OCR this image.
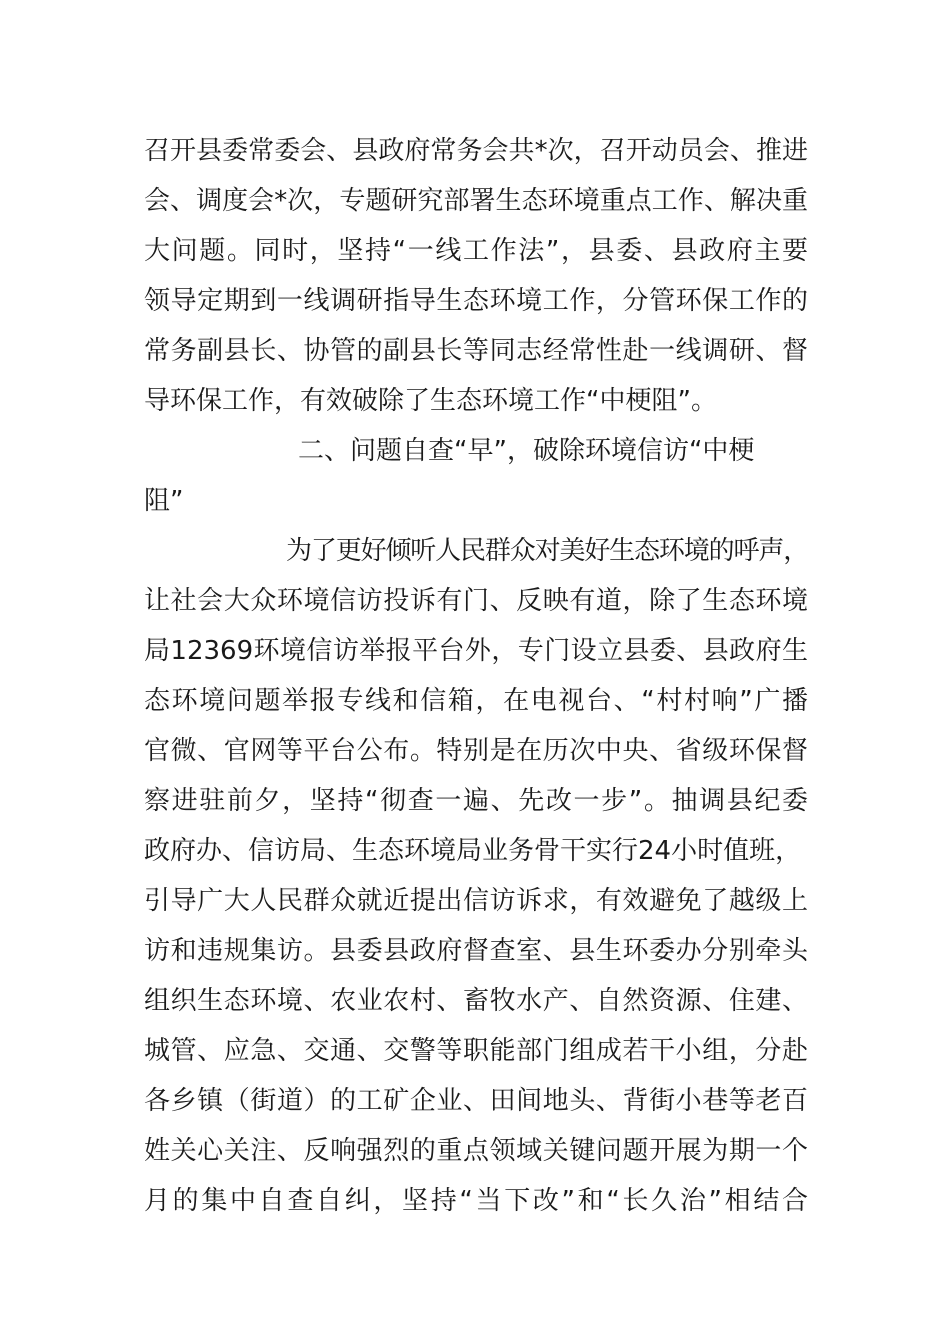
召开县委常委会、县政府常务会共*次，召开动员会、推进
会、调度会*次，专题研究部署生态环境重点工作、解决重
大问题。同时，坚持“一线工作法”，县委、县政府主要
领导定期到一线调研指导生态环境工作，分管环保工作的
常务副县长、协管的副县长等同志经常性赴一线调研、督
导环保工作，有效破除了生态环境工作“中梗阻”。
二、问题自查“早”，破除环境信访“中梗
阻”
为了更好倾听人民群众对美好生态环境的呼声，
让社会大众环境信访投诉有门、反映有道，除了生态环境
局12369环境信访举报平台外，专门设立县委、县政府生
态环境问题举报专线和信箱，在电视台、“村村响”广播
官微、官网等平台公布。特别是在历次中央、省级环保督
察进驻前夕，坚持“彻查一遍、先改一步”。抽调县纪委
政府办、信访局、生态环境局业务骨干实行24小时值班，
引导广大人民群众就近提出信访诉求，有效避免了越级上
访和违规集访。县委县政府督查室、县生环委办分别牵头
组织生态环境、农业农村、畜牧水产、自然资源、住建、
城管、应急、交通、交警等职能部门组成若干小组，分赴
各乡镇（街道）的工矿企业、田间地头、背街小巷等老百
姓关心关注、反响强烈的重点领域关键问题开展为期一个
月的集中自查自纠，坚持“当下改”和“长久治”相结合
